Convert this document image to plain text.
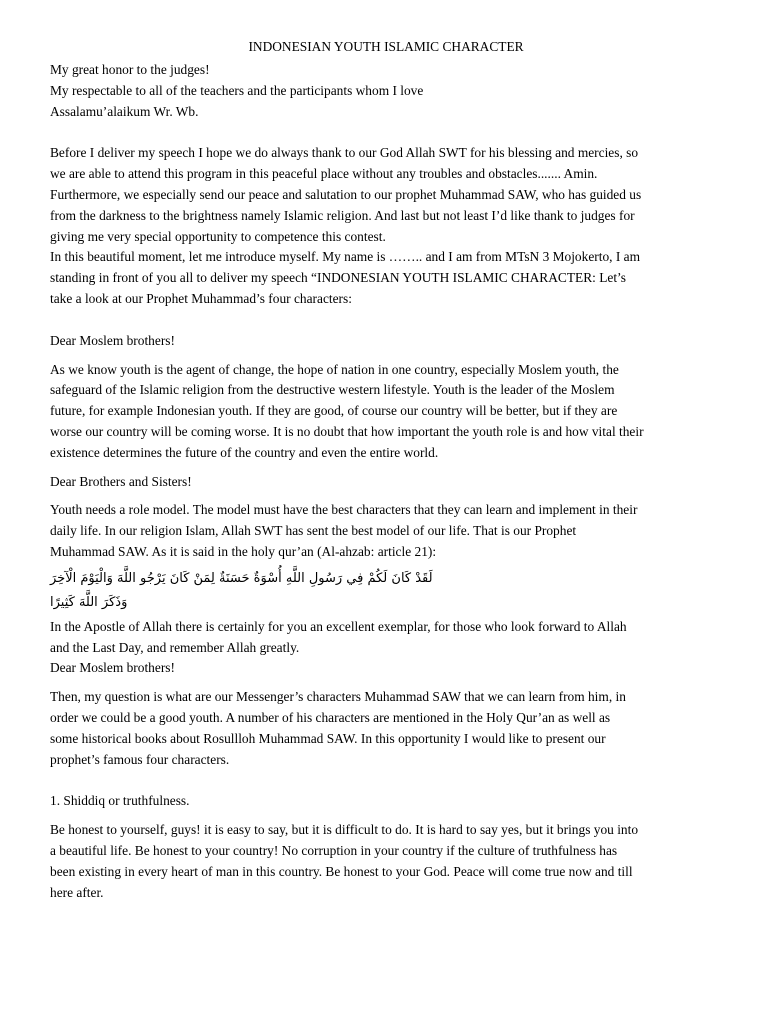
INDONESIAN YOUTH ISLAMIC CHARACTER
My great honor to the judges!
My respectable to all of the teachers and the participants whom I love
Assalamu’alaikum Wr. Wb.
Before I deliver my speech I hope we do always thank to our God Allah SWT for his blessing and mercies, so
we are able to attend this program in this peaceful place without any troubles and obstacles....... Amin.
Furthermore, we especially send our peace and salutation to our prophet Muhammad SAW, who has guided us
from the darkness to the brightness namely Islamic religion. And last but not least I’d like thank to judges for
giving me very special opportunity to competence this contest.
In this beautiful moment, let me introduce myself. My name is …….. and I am from MTsN 3 Mojokerto, I am
standing in front of you all to deliver my speech “INDONESIAN YOUTH ISLAMIC CHARACTER: Let’s
take a look at our Prophet Muhammad’s four characters:

Dear Moslem brothers!

As we know youth is the agent of change, the hope of nation in one country, especially Moslem youth, the
safeguard of the Islamic religion from the destructive western lifestyle. Youth is the leader of the Moslem
future, for example Indonesian youth. If they are good, of course our country will be better, but if they are
worse our country will be coming worse. It is no doubt that how important the youth role is and how vital their
existence determines the future of the country and even the entire world.

Dear Brothers and Sisters!

Youth needs a role model. The model must have the best characters that they can learn and implement in their
daily life. In our religion Islam, Allah SWT has sent the best model of our life. That is our Prophet
Muhammad SAW. As it is said in the holy qur’an (Al-ahzab: article 21):
لَقَدْ كَانَ لَكُمْ فِي رَسُولِ اللَّهِ أُسْوَةٌ حَسَنَةٌ لِمَنْ كَانَ يَرْجُو اللَّهَ وَالْيَوْمَ الْآخِرَ
وَذَكَرَ اللَّهَ كَثِيرًا
In the Apostle of Allah there is certainly for you an excellent exemplar, for those who look forward to Allah
and the Last Day, and remember Allah greatly.

Dear Moslem brothers!

Then, my question is what are our Messenger’s characters Muhammad SAW that we can learn from him, in
order we could be a good youth. A number of his characters are mentioned in the Holy Qur’an as well as
some historical books about Rosullloh Muhammad SAW. In this opportunity I would like to present our
prophet’s famous four characters.

1. Shiddiq or truthfulness.

Be honest to yourself, guys! it is easy to say, but it is difficult to do. It is hard to say yes, but it brings you into
a beautiful life. Be honest to your country! No corruption in your country if the culture of truthfulness has
been existing in every heart of man in this country. Be honest to your God. Peace will come true now and till
here after.
